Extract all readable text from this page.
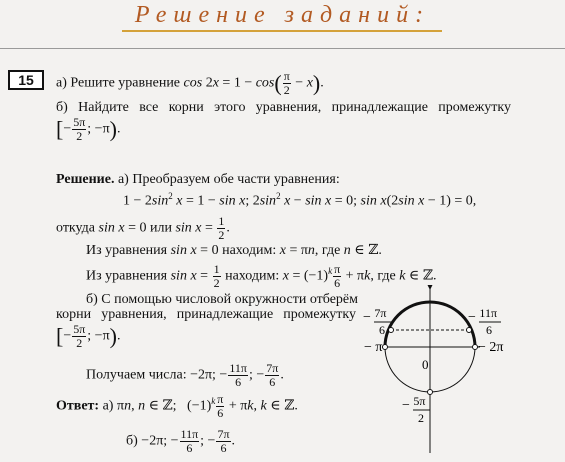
Решение заданий:
15	а) Решите уравнение $\cos 2x = 1 - \cos( \frac{\pi}{2} - x)$.
б) Найдите все корни этого уравнения, принадлежащие промежутку
[− $\frac{5\pi}{2}$ ; −π).
Решение. а) Преобразуем обе части уравнения:
$1 - 2\sin^2$ x = 1 − sin x; $2\sin^2$ x − sin x = 0; sin x(2sin x − 1) = 0,
откуда sin x = 0 или $\sin x = \frac{1}{2}$ .
Из уравнения sin x = 0 находим: x = πn, где n ∈ ℤ.
Из уравнения $\sin x = \frac{1}{2}$ находим: $x = (-1)^k \frac{\pi}{6} + \pi k$, где k ∈ ℤ.
б) С помощью числовой окружности отберём
корни уравнения, принадлежащие промежутку
[− $\frac{5\pi}{2}$ ; −π).
Получаем числа: −2π; − $\frac{11\pi}{6}$ ; − $\frac{7\pi}{6}$ .
Ответ: а) πn, n ∈ ℤ;   $(-1)^k \frac{\pi}{6} + \pi k$, k ∈ ℤ.
б) −2π; − $\frac{11\pi}{6}$ ; − $\frac{7\pi}{6}$ .
− 7π
6
− 11π
6
− π	− 2π
0
− 5π
2
